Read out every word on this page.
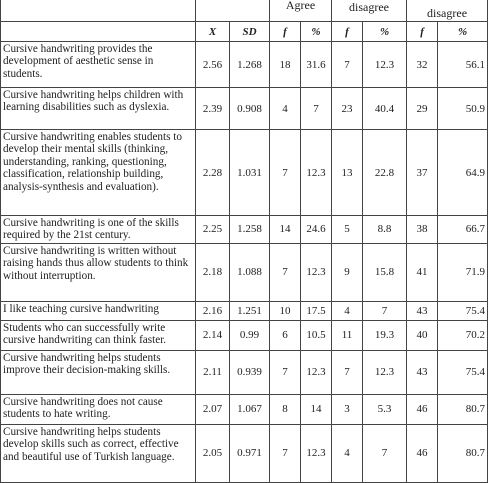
			Agree		disagree		disagree	
	X	SD	f	%	f	%	f	%
Cursive handwriting provides the development of aesthetic sense in students.	2.56	1.268	18	31.6	7	12.3	32	56.1
Cursive handwriting helps children with learning disabilities such as dyslexia.	2.39	0.908	4	7	23	40.4	29	50.9
Cursive handwriting enables students to develop their mental skills (thinking, understanding, ranking, questioning, classification, relationship building, analysis-synthesis and evaluation).	2.28	1.031	7	12.3	13	22.8	37	64.9
Cursive handwriting is one of the skills required by the 21st century.	2.25	1.258	14	24.6	5	8.8	38	66.7
Cursive handwriting is written without raising hands thus allow students to think without interruption.	2.18	1.088	7	12.3	9	15.8	41	71.9
I like teaching cursive handwriting	2.16	1.251	10	17.5	4	7	43	75.4
Students who can successfully write cursive handwriting can think faster.	2.14	0.99	6	10.5	11	19.3	40	70.2
Cursive handwriting helps students improve their decision-making skills.	2.11	0.939	7	12.3	7	12.3	43	75.4
Cursive handwriting does not cause students to hate writing.	2.07	1.067	8	14	3	5.3	46	80.7
Cursive handwriting helps students develop skills such as correct, effective and beautiful use of Turkish language.	2.05	0.971	7	12.3	4	7	46	80.7
